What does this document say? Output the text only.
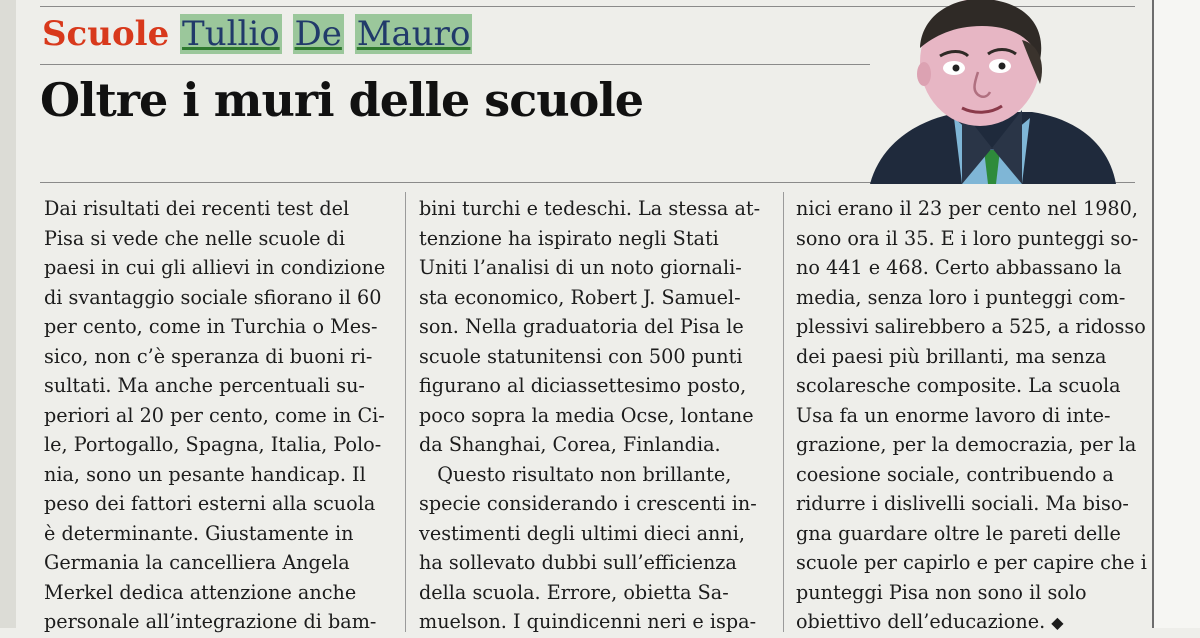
Scuole Tullio De Mauro
Oltre i muri delle scuole
Dai risultati dei recenti test del
Pisa si vede che nelle scuole di
paesi in cui gli allievi in condizione
di svantaggio sociale sfiorano il 60
per cento, come in Turchia o Mes-
sico, non c’è speranza di buoni ri-
sultati. Ma anche percentuali su-
periori al 20 per cento, come in Ci-
le, Portogallo, Spagna, Italia, Polo-
nia, sono un pesante handicap. Il
peso dei fattori esterni alla scuola
è determinante. Giustamente in
Germania la cancelliera Angela
Merkel dedica attenzione anche
personale all’integrazione di bam-
bini turchi e tedeschi. La stessa at-
tenzione ha ispirato negli Stati
Uniti l’analisi di un noto giornali-
sta economico, Robert J. Samuel-
son. Nella graduatoria del Pisa le
scuole statunitensi con 500 punti
figurano al diciassettesimo posto,
poco sopra la media Ocse, lontane
da Shanghai, Corea, Finlandia.
Questo risultato non brillante,
specie considerando i crescenti in-
vestimenti degli ultimi dieci anni,
ha sollevato dubbi sull’efficienza
della scuola. Errore, obietta Sa-
muelson. I quindicenni neri e ispa-
nici erano il 23 per cento nel 1980,
sono ora il 35. E i loro punteggi so-
no 441 e 468. Certo abbassano la
media, senza loro i punteggi com-
plessivi salirebbero a 525, a ridosso
dei paesi più brillanti, ma senza
scolaresche composite. La scuola
Usa fa un enorme lavoro di inte-
grazione, per la democrazia, per la
coesione sociale, contribuendo a
ridurre i dislivelli sociali. Ma biso-
gna guardare oltre le pareti delle
scuole per capirlo e per capire che i
punteggi Pisa non sono il solo
obiettivo dell’educazione. ◆
